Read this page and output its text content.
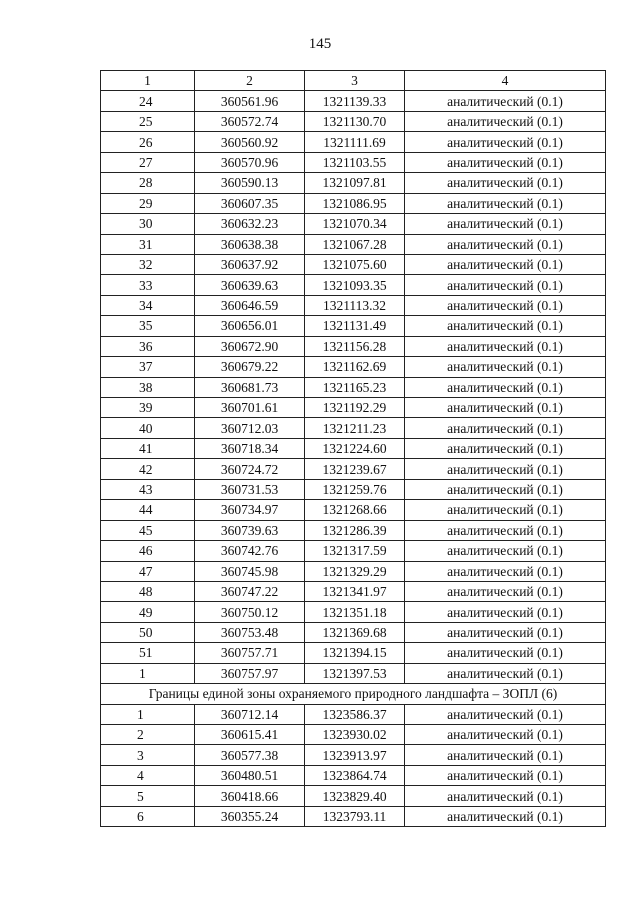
145
1	2	3	4
24	360561.96	1321139.33	аналитический (0.1)
25	360572.74	1321130.70	аналитический (0.1)
26	360560.92	1321111.69	аналитический (0.1)
27	360570.96	1321103.55	аналитический (0.1)
28	360590.13	1321097.81	аналитический (0.1)
29	360607.35	1321086.95	аналитический (0.1)
30	360632.23	1321070.34	аналитический (0.1)
31	360638.38	1321067.28	аналитический (0.1)
32	360637.92	1321075.60	аналитический (0.1)
33	360639.63	1321093.35	аналитический (0.1)
34	360646.59	1321113.32	аналитический (0.1)
35	360656.01	1321131.49	аналитический (0.1)
36	360672.90	1321156.28	аналитический (0.1)
37	360679.22	1321162.69	аналитический (0.1)
38	360681.73	1321165.23	аналитический (0.1)
39	360701.61	1321192.29	аналитический (0.1)
40	360712.03	1321211.23	аналитический (0.1)
41	360718.34	1321224.60	аналитический (0.1)
42	360724.72	1321239.67	аналитический (0.1)
43	360731.53	1321259.76	аналитический (0.1)
44	360734.97	1321268.66	аналитический (0.1)
45	360739.63	1321286.39	аналитический (0.1)
46	360742.76	1321317.59	аналитический (0.1)
47	360745.98	1321329.29	аналитический (0.1)
48	360747.22	1321341.97	аналитический (0.1)
49	360750.12	1321351.18	аналитический (0.1)
50	360753.48	1321369.68	аналитический (0.1)
51	360757.71	1321394.15	аналитический (0.1)
1	360757.97	1321397.53	аналитический (0.1)
Границы единой зоны охраняемого природного ландшафта – ЗОПЛ (6)			
1	360712.14	1323586.37	аналитический (0.1)
2	360615.41	1323930.02	аналитический (0.1)
3	360577.38	1323913.97	аналитический (0.1)
4	360480.51	1323864.74	аналитический (0.1)
5	360418.66	1323829.40	аналитический (0.1)
6	360355.24	1323793.11	аналитический (0.1)
